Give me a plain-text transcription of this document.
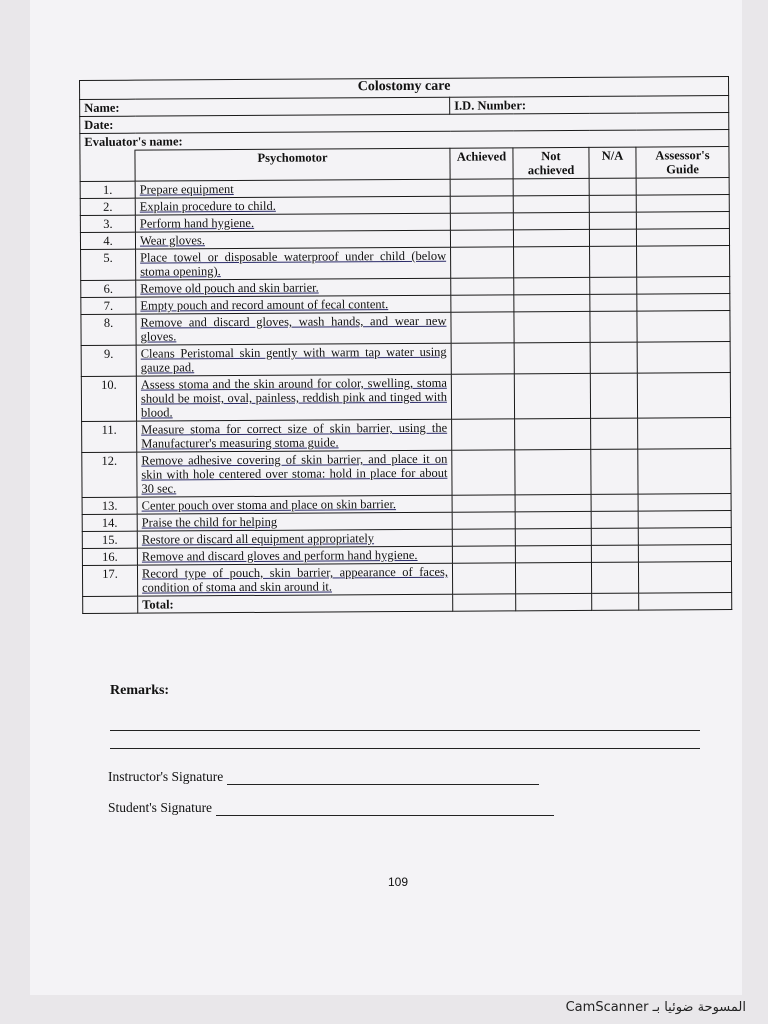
Colostomy care					
Name:		I.D. Number:			
Date:					
Evaluator's name:					
	Psychomotor	Achieved	Not achieved	N/A	Assessor's Guide
1.	Prepare equipment				
2.	Explain procedure to child.				
3.	Perform hand hygiene.				
4.	Wear gloves.				
5.	Place towel or disposable waterproof under child (below stoma opening).				
6.	Remove old pouch and skin barrier.				
7.	Empty pouch and record amount of fecal content.				
8.	Remove and discard gloves, wash hands, and wear new gloves.				
9.	Cleans Peristomal skin gently with warm tap water using gauze pad.				
10.	Assess stoma and the skin around for color, swelling, stoma should be moist, oval, painless, reddish pink and tinged with blood.				
11.	Measure stoma for correct size of skin barrier, using the Manufacturer's measuring stoma guide.				
12.	Remove adhesive covering of skin barrier, and place it on skin with hole centered over stoma: hold in place for about 30 sec.				
13.	Center pouch over stoma and place on skin barrier.				
14.	Praise the child for helping				
15.	Restore or discard all equipment appropriately				
16.	Remove and discard gloves and perform hand hygiene.				
17.	Record type of pouch, skin barrier, appearance of faces, condition of stoma and skin around it.				
	Total:				
Remarks:
Instructor's Signature
Student's Signature
109
CamScanner المسوحة ضوئيا بـ
